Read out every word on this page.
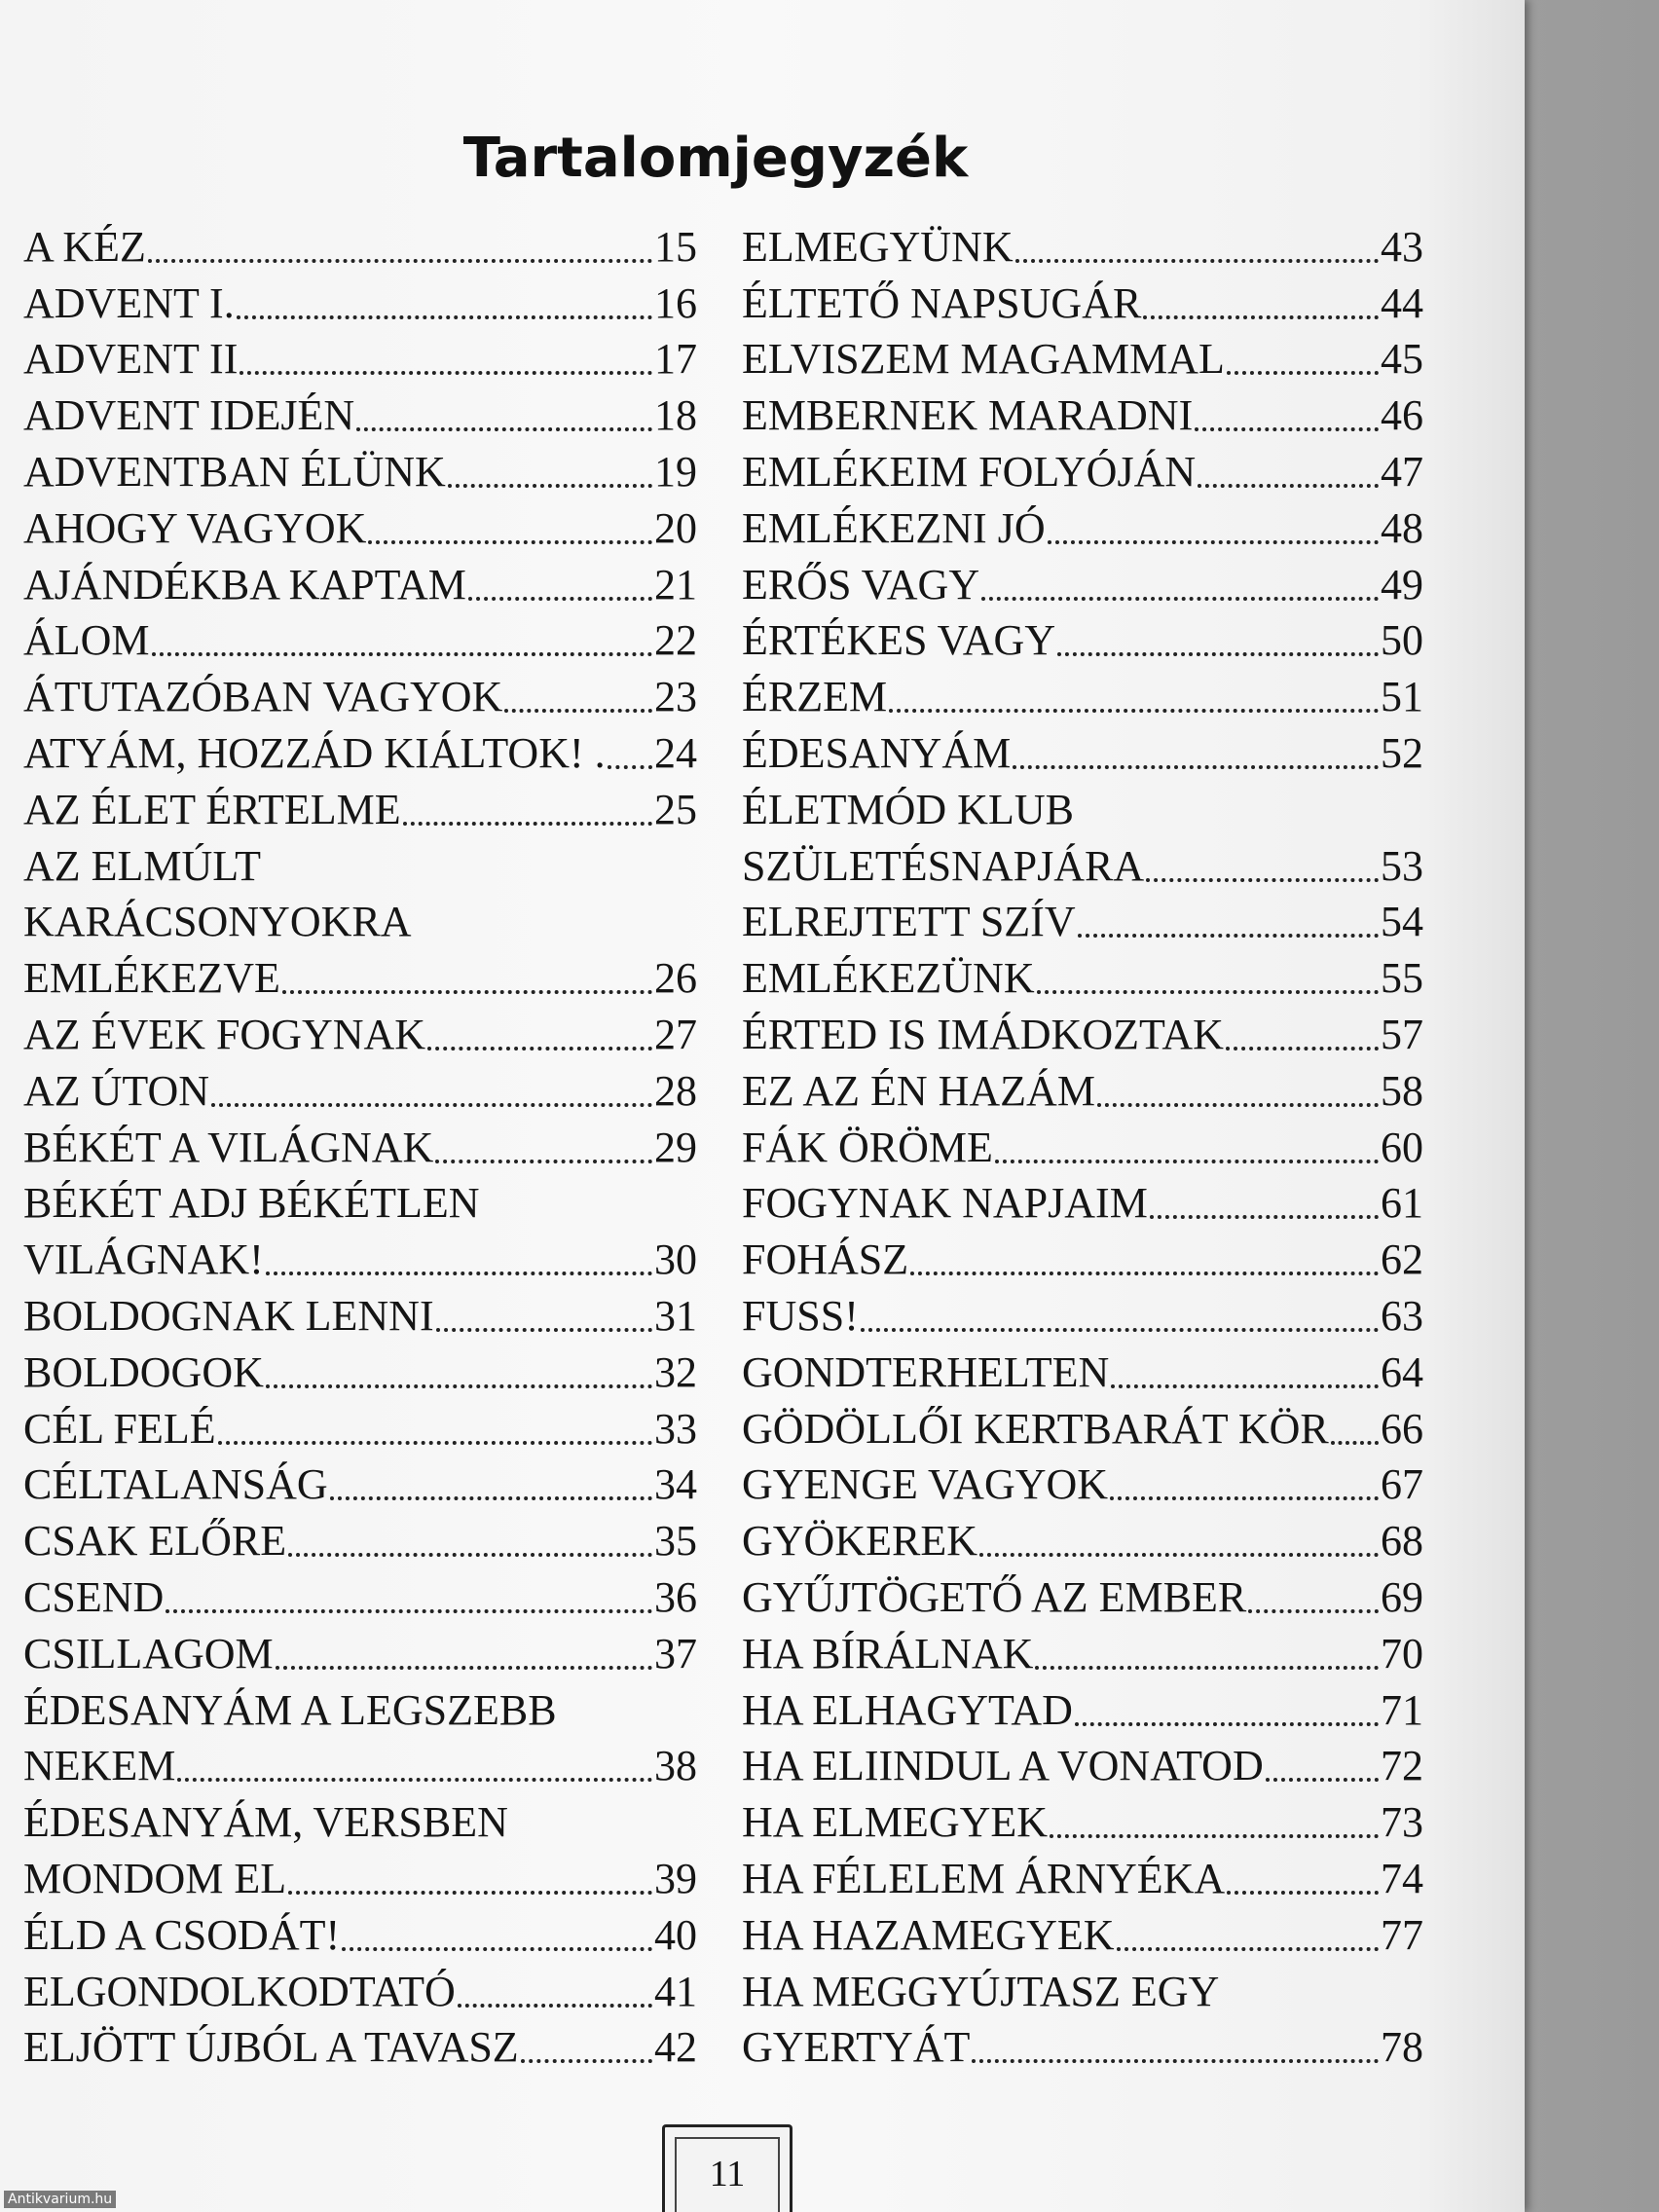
Tartalomjegyzék
A KÉZ	15
ADVENT I.	16
ADVENT II	17
ADVENT IDEJÉN	18
ADVENTBAN ÉLÜNK	19
AHOGY VAGYOK	20
AJÁNDÉKBA KAPTAM	21
ÁLOM	22
ÁTUTAZÓBAN VAGYOK	23
ATYÁM, HOZZÁD KIÁLTOK! . 24
AZ ÉLET ÉRTELME	25
AZ ELMÚLT
KARÁCSONYOKRA
EMLÉKEZVE	26
AZ ÉVEK FOGYNAK	27
AZ ÚTON	28
BÉKÉT A VILÁGNAK	29
BÉKÉT ADJ BÉKÉTLEN
VILÁGNAK!	30
BOLDOGNAK LENNI	31
BOLDOGOK	32
CÉL FELÉ	33
CÉLTALANSÁG	34
CSAK ELŐRE	35
CSEND	36
CSILLAGOM	37
ÉDESANYÁM A LEGSZEBB
NEKEM	38
ÉDESANYÁM, VERSBEN
MONDOM EL	39
ÉLD A CSODÁT!	40
ELGONDOLKODTATÓ	41
ELJÖTT ÚJBÓL A TAVASZ	42
ELMEGYÜNK	43
ÉLTETŐ NAPSUGÁR	44
ELVISZEM MAGAMMAL	45
EMBERNEK MARADNI	46
EMLÉKEIM FOLYÓJÁN	47
EMLÉKEZNI JÓ	48
ERŐS VAGY	49
ÉRTÉKES VAGY	50
ÉRZEM	51
ÉDESANYÁM	52
ÉLETMÓD KLUB
SZÜLETÉSNAPJÁRA	53
ELREJTETT SZÍV	54
EMLÉKEZÜNK	55
ÉRTED IS IMÁDKOZTAK	57
EZ AZ ÉN HAZÁM	58
FÁK ÖRÖME	60
FOGYNAK NAPJAIM	61
FOHÁSZ	62
FUSS!	63
GONDTERHELTEN	64
GÖDÖLLŐI KERTBARÁT KÖR 66
GYENGE VAGYOK	67
GYÖKEREK	68
GYŰJTÖGETŐ AZ EMBER	69
HA BÍRÁLNAK	70
HA ELHAGYTAD	71
HA ELIINDUL A VONATOD	72
HA ELMEGYEK	73
HA FÉLELEM ÁRNYÉKA	74
HA HAZAMEGYEK	77
HA MEGGYÚJTASZ EGY
GYERTYÁT	78
11
Antikvarium.hu
